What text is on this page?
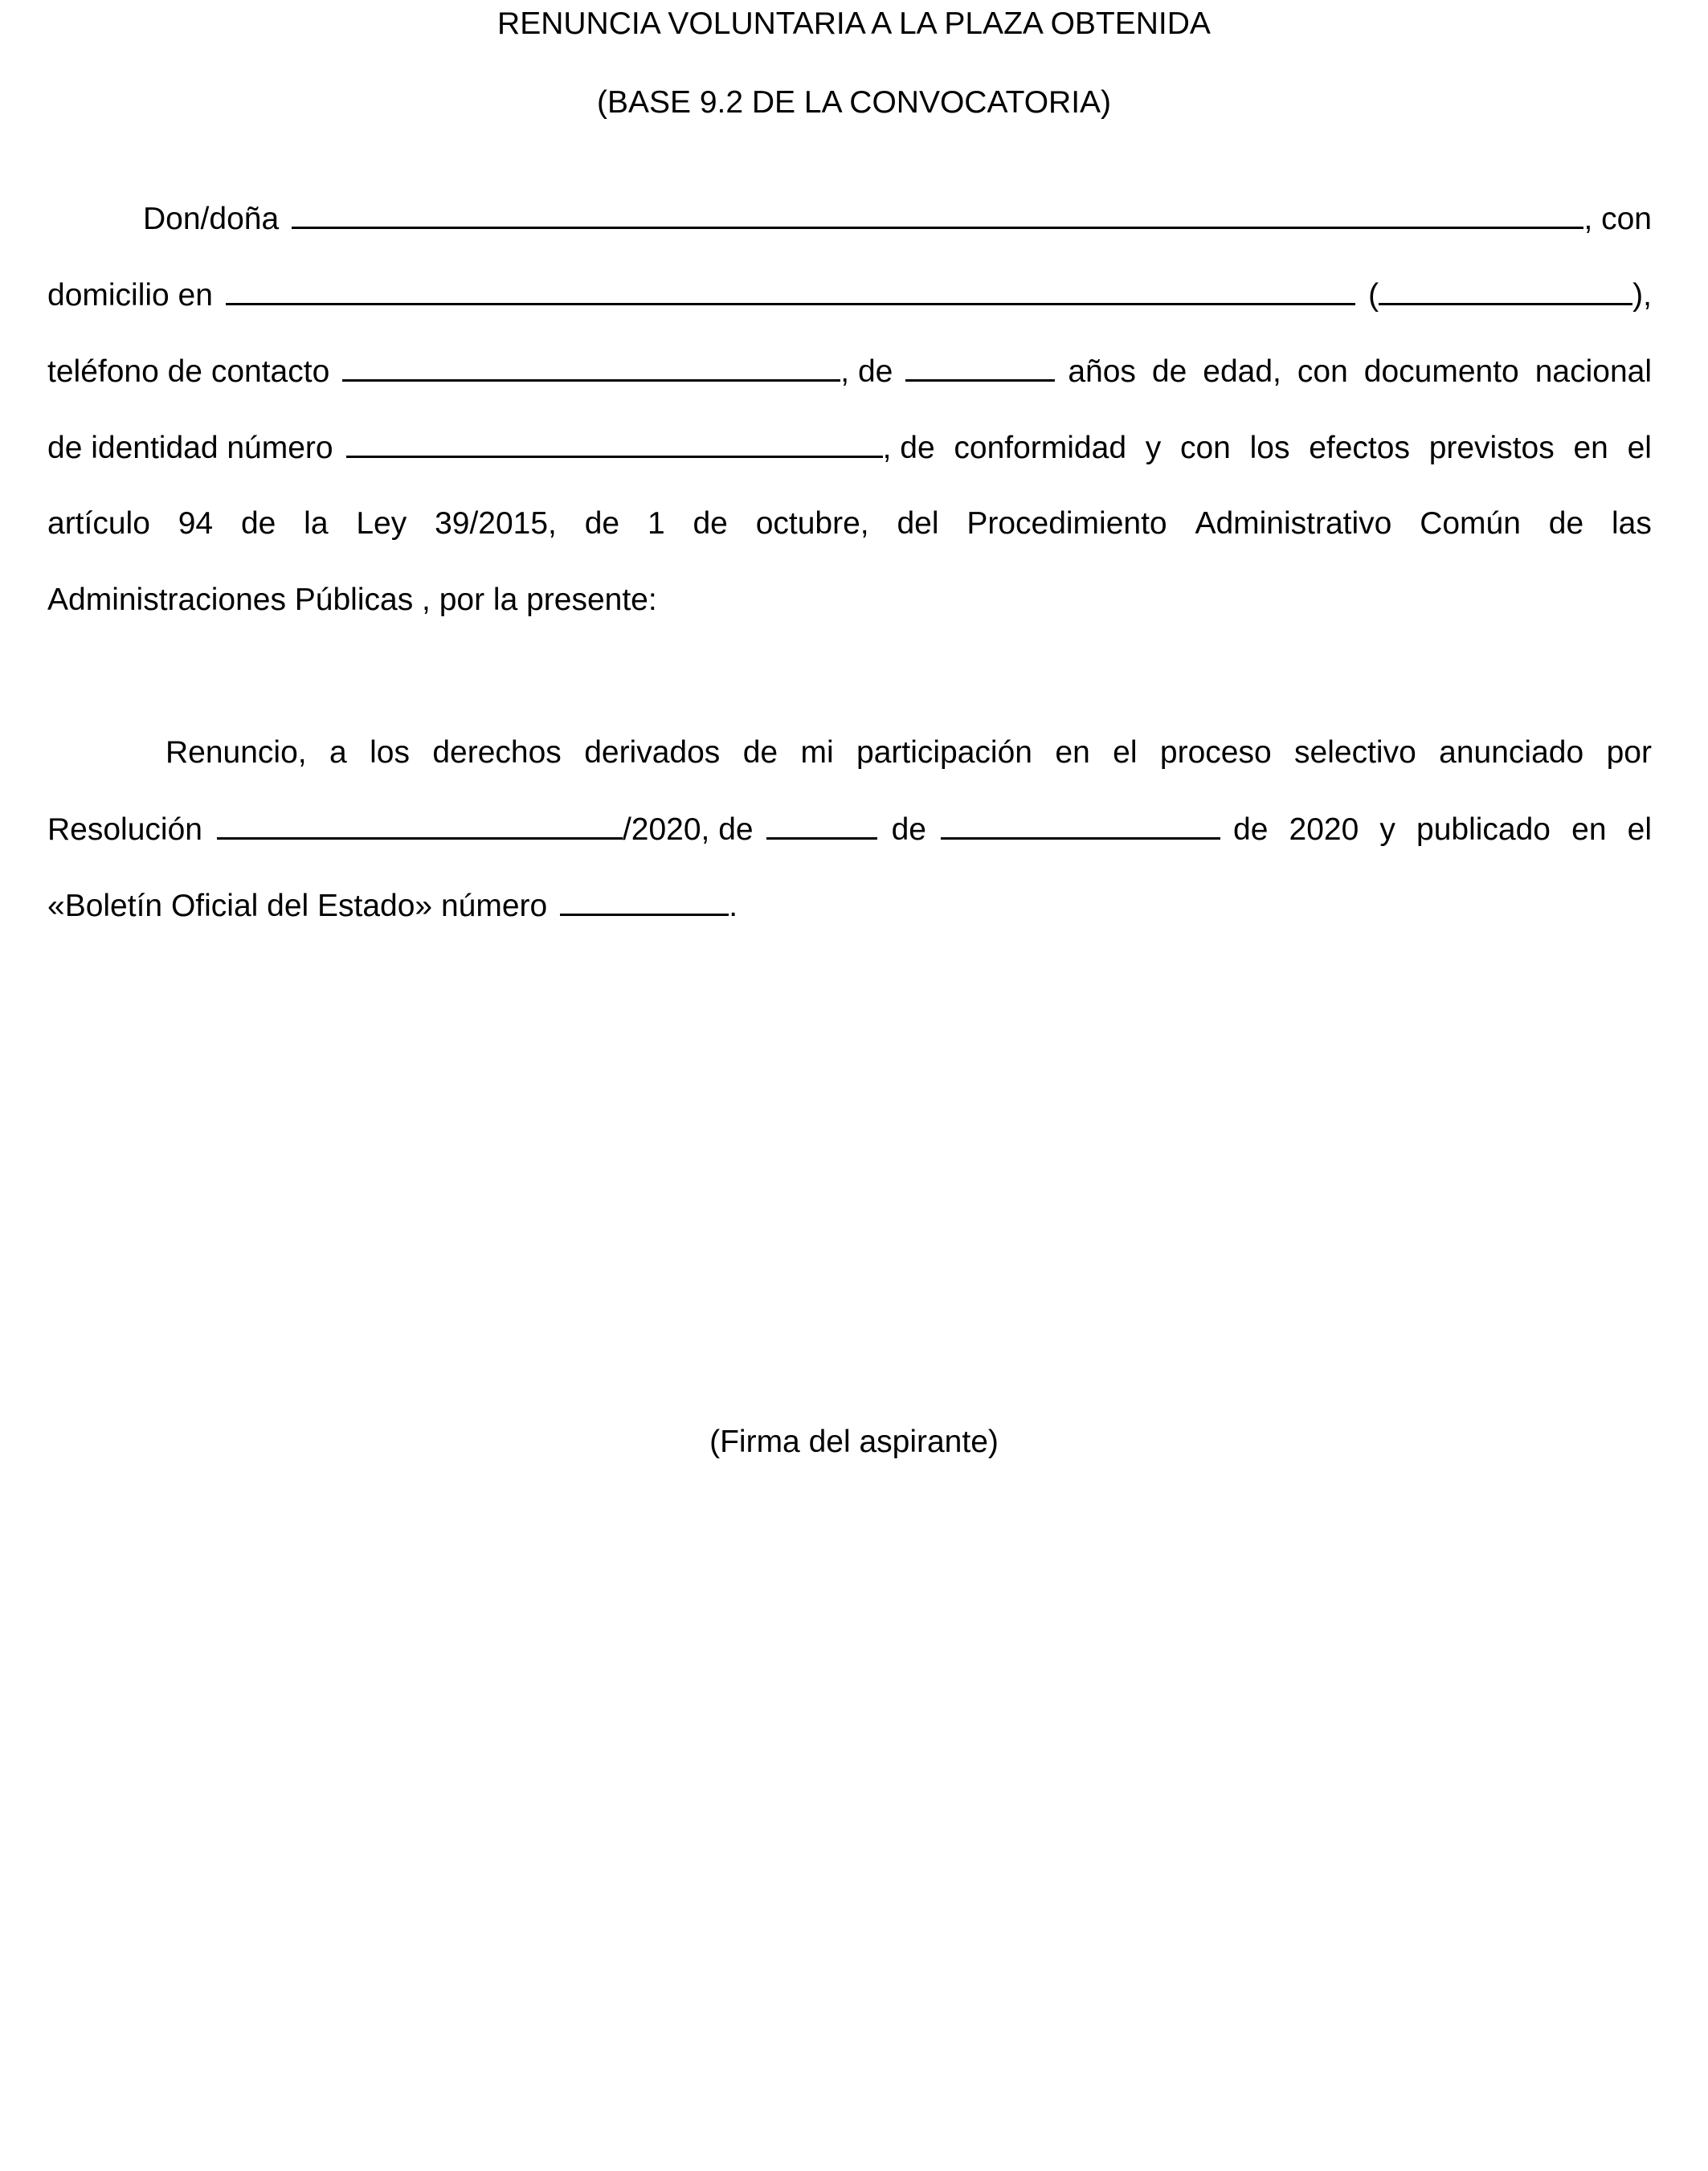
RENUNCIA VOLUNTARIA A LA PLAZA OBTENIDA
(BASE 9.2 DE LA CONVOCATORIA)
Don/doña	, con
domicilio en	(	),
teléfono de contacto	, de	años de edad, con documento nacional
de identidad número	, de conformidad y con los efectos previstos en el
artículo 94 de la Ley 39/2015, de 1 de octubre, del Procedimiento Administrativo Común de las
Administraciones Públicas , por la presente:
Renuncio, a los derechos derivados de mi participación en el proceso selectivo anunciado por
Resolución	/2020, de	de	de 2020 y publicado en el
«Boletín Oficial del Estado» número	.
(Firma del aspirante)
